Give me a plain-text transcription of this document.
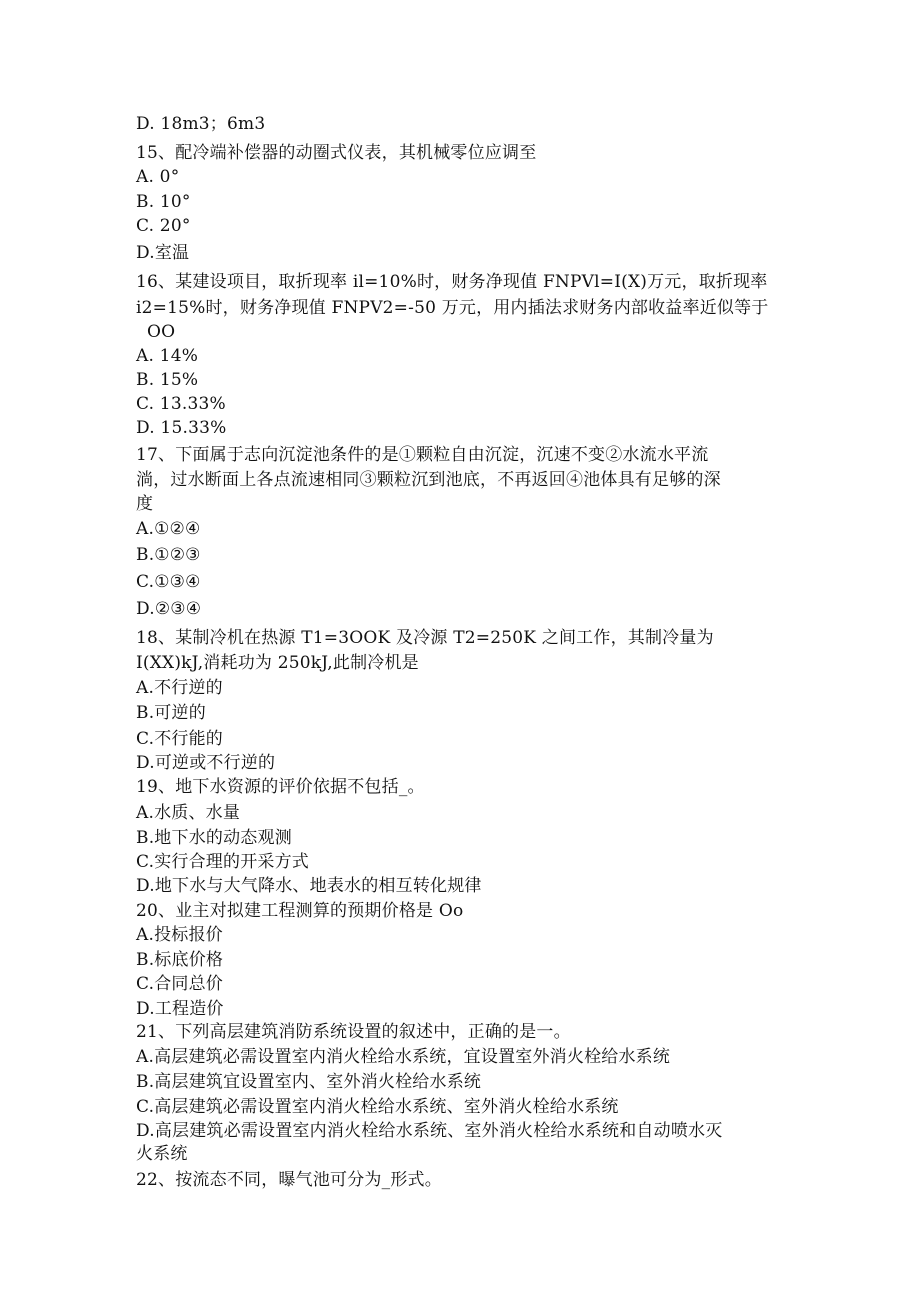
D. 18m3；6m3
15、配冷端补偿器的动圈式仪表，其机械零位应调至
A. 0°
B. 10°
C. 20°
D.室温
16、某建设项目，取折现率 il=10%时，财务净现值 FNPVl=I(X)万元，取折现率
i2=15%时，财务净现值 FNPV2=-50 万元，用内插法求财务内部收益率近似等于
OO
A. 14%
B. 15%
C. 13.33%
D. 15.33%
17、下面属于志向沉淀池条件的是①颗粒自由沉淀，沉速不变②水流水平流
淌，过水断面上各点流速相同③颗粒沉到池底，不再返回④池体具有足够的深
度
A.①②④
B.①②③
C.①③④
D.②③④
18、某制冷机在热源 T1=3OOK 及冷源 T2=250K 之间工作，其制冷量为
I(XX)kJ,消耗功为 250kJ,此制冷机是
A.不行逆的
B.可逆的
C.不行能的
D.可逆或不行逆的
19、地下水资源的评价依据不包括_。
A.水质、水量
B.地下水的动态观测
C.实行合理的开采方式
D.地下水与大气降水、地表水的相互转化规律
20、业主对拟建工程测算的预期价格是 Oo
A.投标报价
B.标底价格
C.合同总价
D.工程造价
21、下列高层建筑消防系统设置的叙述中，正确的是一。
A.高层建筑必需设置室内消火栓给水系统，宜设置室外消火栓给水系统
B.高层建筑宜设置室内、室外消火栓给水系统
C.高层建筑必需设置室内消火栓给水系统、室外消火栓给水系统
D.高层建筑必需设置室内消火栓给水系统、室外消火栓给水系统和自动喷水灭
火系统
22、按流态不同，曝气池可分为_形式。
